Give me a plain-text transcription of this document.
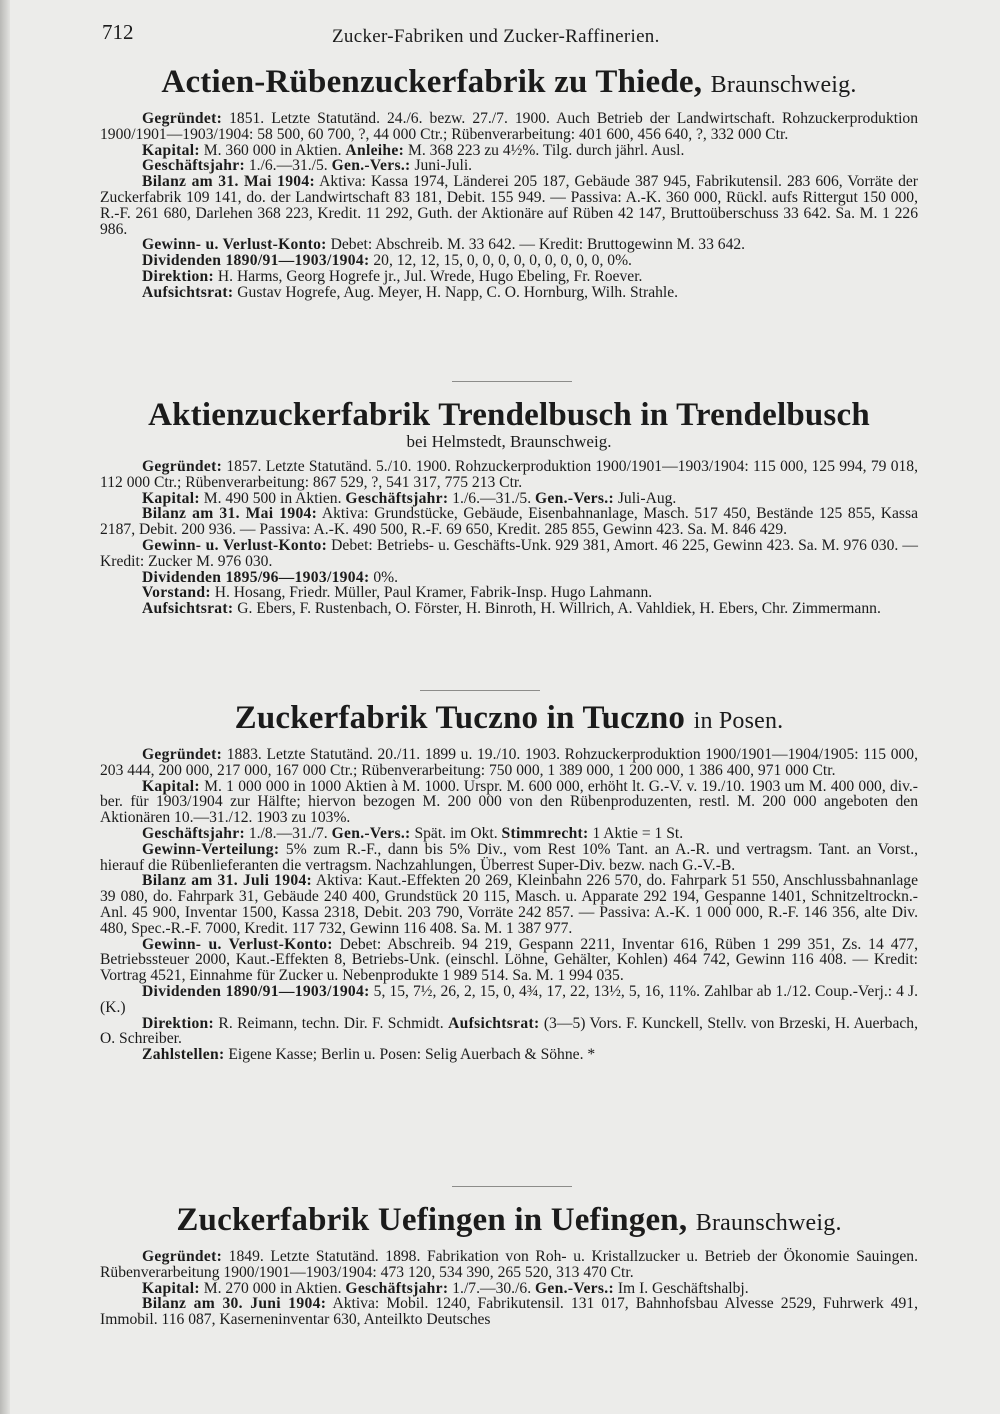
712	Zucker-Fabriken und Zucker-Raffinerien.
Actien-Rübenzuckerfabrik zu Thiede, Braunschweig.

Gegründet: 1851. Letzte Statutänd. 24./6. bezw. 27./7. 1900. Auch Betrieb der Landwirtschaft. Rohzuckerproduktion 1900/1901—1903/1904: 58 500, 60 700, ?, 44 000 Ctr.; Rübenverarbeitung: 401 600, 456 640, ?, 332 000 Ctr.

Kapital: M. 360 000 in Aktien. Anleihe: M. 368 223 zu 4½%. Tilg. durch jährl. Ausl.

Geschäftsjahr: 1./6.—31./5. Gen.-Vers.: Juni-Juli.

Bilanz am 31. Mai 1904: Aktiva: Kassa 1974, Länderei 205 187, Gebäude 387 945, Fabrikutensil. 283 606, Vorräte der Zuckerfabrik 109 141, do. der Landwirtschaft 83 181, Debit. 155 949. — Passiva: A.-K. 360 000, Rückl. aufs Rittergut 150 000, R.-F. 261 680, Darlehen 368 223, Kredit. 11 292, Guth. der Aktionäre auf Rüben 42 147, Bruttoüberschuss 33 642. Sa. M. 1 226 986.

Gewinn- u. Verlust-Konto: Debet: Abschreib. M. 33 642. — Kredit: Bruttogewinn M. 33 642.

Dividenden 1890/91—1903/1904: 20, 12, 12, 15, 0, 0, 0, 0, 0, 0, 0, 0, 0, 0%.

Direktion: H. Harms, Georg Hogrefe jr., Jul. Wrede, Hugo Ebeling, Fr. Roever.

Aufsichtsrat: Gustav Hogrefe, Aug. Meyer, H. Napp, C. O. Hornburg, Wilh. Strahle.

Aktienzuckerfabrik Trendelbusch in Trendelbusch
bei Helmstedt, Braunschweig.

Gegründet: 1857. Letzte Statutänd. 5./10. 1900. Rohzuckerproduktion 1900/1901—1903/1904: 115 000, 125 994, 79 018, 112 000 Ctr.; Rübenverarbeitung: 867 529, ?, 541 317, 775 213 Ctr.

Kapital: M. 490 500 in Aktien. Geschäftsjahr: 1./6.—31./5. Gen.-Vers.: Juli-Aug.

Bilanz am 31. Mai 1904: Aktiva: Grundstücke, Gebäude, Eisenbahnanlage, Masch. 517 450, Bestände 125 855, Kassa 2187, Debit. 200 936. — Passiva: A.-K. 490 500, R.-F. 69 650, Kredit. 285 855, Gewinn 423. Sa. M. 846 429.

Gewinn- u. Verlust-Konto: Debet: Betriebs- u. Geschäfts-Unk. 929 381, Amort. 46 225, Gewinn 423. Sa. M. 976 030. — Kredit: Zucker M. 976 030.

Dividenden 1895/96—1903/1904: 0%.

Vorstand: H. Hosang, Friedr. Müller, Paul Kramer, Fabrik-Insp. Hugo Lahmann.

Aufsichtsrat: G. Ebers, F. Rustenbach, O. Förster, H. Binroth, H. Willrich, A. Vahldiek, H. Ebers, Chr. Zimmermann.

Zuckerfabrik Tuczno in Tuczno in Posen.

Gegründet: 1883. Letzte Statutänd. 20./11. 1899 u. 19./10. 1903. Rohzuckerproduktion 1900/1901—1904/1905: 115 000, 203 444, 200 000, 217 000, 167 000 Ctr.; Rübenverarbeitung: 750 000, 1 389 000, 1 200 000, 1 386 400, 971 000 Ctr.

Kapital: M. 1 000 000 in 1000 Aktien à M. 1000. Urspr. M. 600 000, erhöht lt. G.-V. v. 19./10. 1903 um M. 400 000, div.-ber. für 1903/1904 zur Hälfte; hiervon bezogen M. 200 000 von den Rübenproduzenten, restl. M. 200 000 angeboten den Aktionären 10.—31./12. 1903 zu 103%.

Geschäftsjahr: 1./8.—31./7. Gen.-Vers.: Spät. im Okt. Stimmrecht: 1 Aktie = 1 St.

Gewinn-Verteilung: 5% zum R.-F., dann bis 5% Div., vom Rest 10% Tant. an A.-R. und vertragsm. Tant. an Vorst., hierauf die Rübenlieferanten die vertragsm. Nachzahlungen, Überrest Super-Div. bezw. nach G.-V.-B.

Bilanz am 31. Juli 1904: Aktiva: Kaut.-Effekten 20 269, Kleinbahn 226 570, do. Fahrpark 51 550, Anschlussbahnanlage 39 080, do. Fahrpark 31, Gebäude 240 400, Grundstück 20 115, Masch. u. Apparate 292 194, Gespanne 1401, Schnitzeltrockn.-Anl. 45 900, Inventar 1500, Kassa 2318, Debit. 203 790, Vorräte 242 857. — Passiva: A.-K. 1 000 000, R.-F. 146 356, alte Div. 480, Spec.-R.-F. 7000, Kredit. 117 732, Gewinn 116 408. Sa. M. 1 387 977.

Gewinn- u. Verlust-Konto: Debet: Abschreib. 94 219, Gespann 2211, Inventar 616, Rüben 1 299 351, Zs. 14 477, Betriebssteuer 2000, Kaut.-Effekten 8, Betriebs-Unk. (einschl. Löhne, Gehälter, Kohlen) 464 742, Gewinn 116 408. — Kredit: Vortrag 4521, Einnahme für Zucker u. Nebenprodukte 1 989 514. Sa. M. 1 994 035.

Dividenden 1890/91—1903/1904: 5, 15, 7½, 26, 2, 15, 0, 4¾, 17, 22, 13½, 5, 16, 11%. Zahlbar ab 1./12. Coup.-Verj.: 4 J. (K.)

Direktion: R. Reimann, techn. Dir. F. Schmidt. Aufsichtsrat: (3—5) Vors. F. Kunckell, Stellv. von Brzeski, H. Auerbach, O. Schreiber.

Zahlstellen: Eigene Kasse; Berlin u. Posen: Selig Auerbach & Söhne. *

Zuckerfabrik Uefingen in Uefingen, Braunschweig.

Gegründet: 1849. Letzte Statutänd. 1898. Fabrikation von Roh- u. Kristallzucker u. Betrieb der Ökonomie Sauingen. Rübenverarbeitung 1900/1901—1903/1904: 473 120, 534 390, 265 520, 313 470 Ctr.

Kapital: M. 270 000 in Aktien. Geschäftsjahr: 1./7.—30./6. Gen.-Vers.: Im I. Geschäftshalbj.

Bilanz am 30. Juni 1904: Aktiva: Mobil. 1240, Fabrikutensil. 131 017, Bahnhofsbau Alvesse 2529, Fuhrwerk 491, Immobil. 116 087, Kaserneninventar 630, Anteilkto Deutsches
